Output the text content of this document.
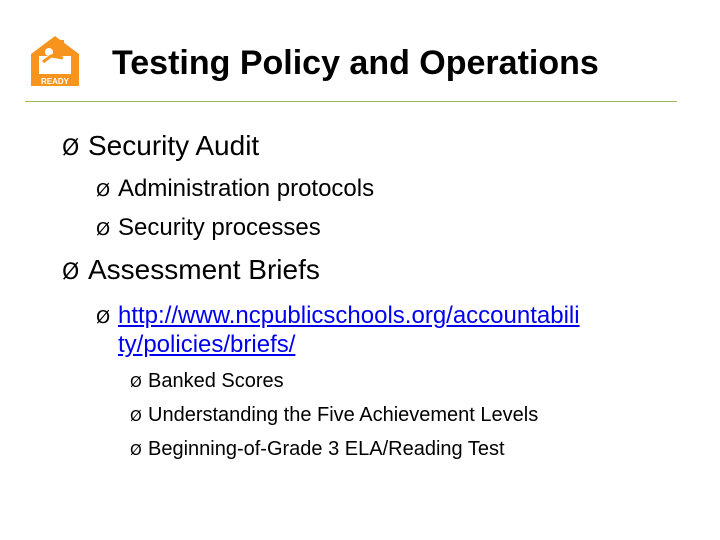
READY Testing Policy and Operations
Ø Security Audit
Ø Administration protocols
Ø Security processes
Ø Assessment Briefs
Ø http://www.ncpublicschools.org/accountabili
ty/policies/briefs/
Ø Banked Scores
Ø Understanding the Five Achievement Levels
Ø Beginning-of-Grade 3 ELA/Reading Test
